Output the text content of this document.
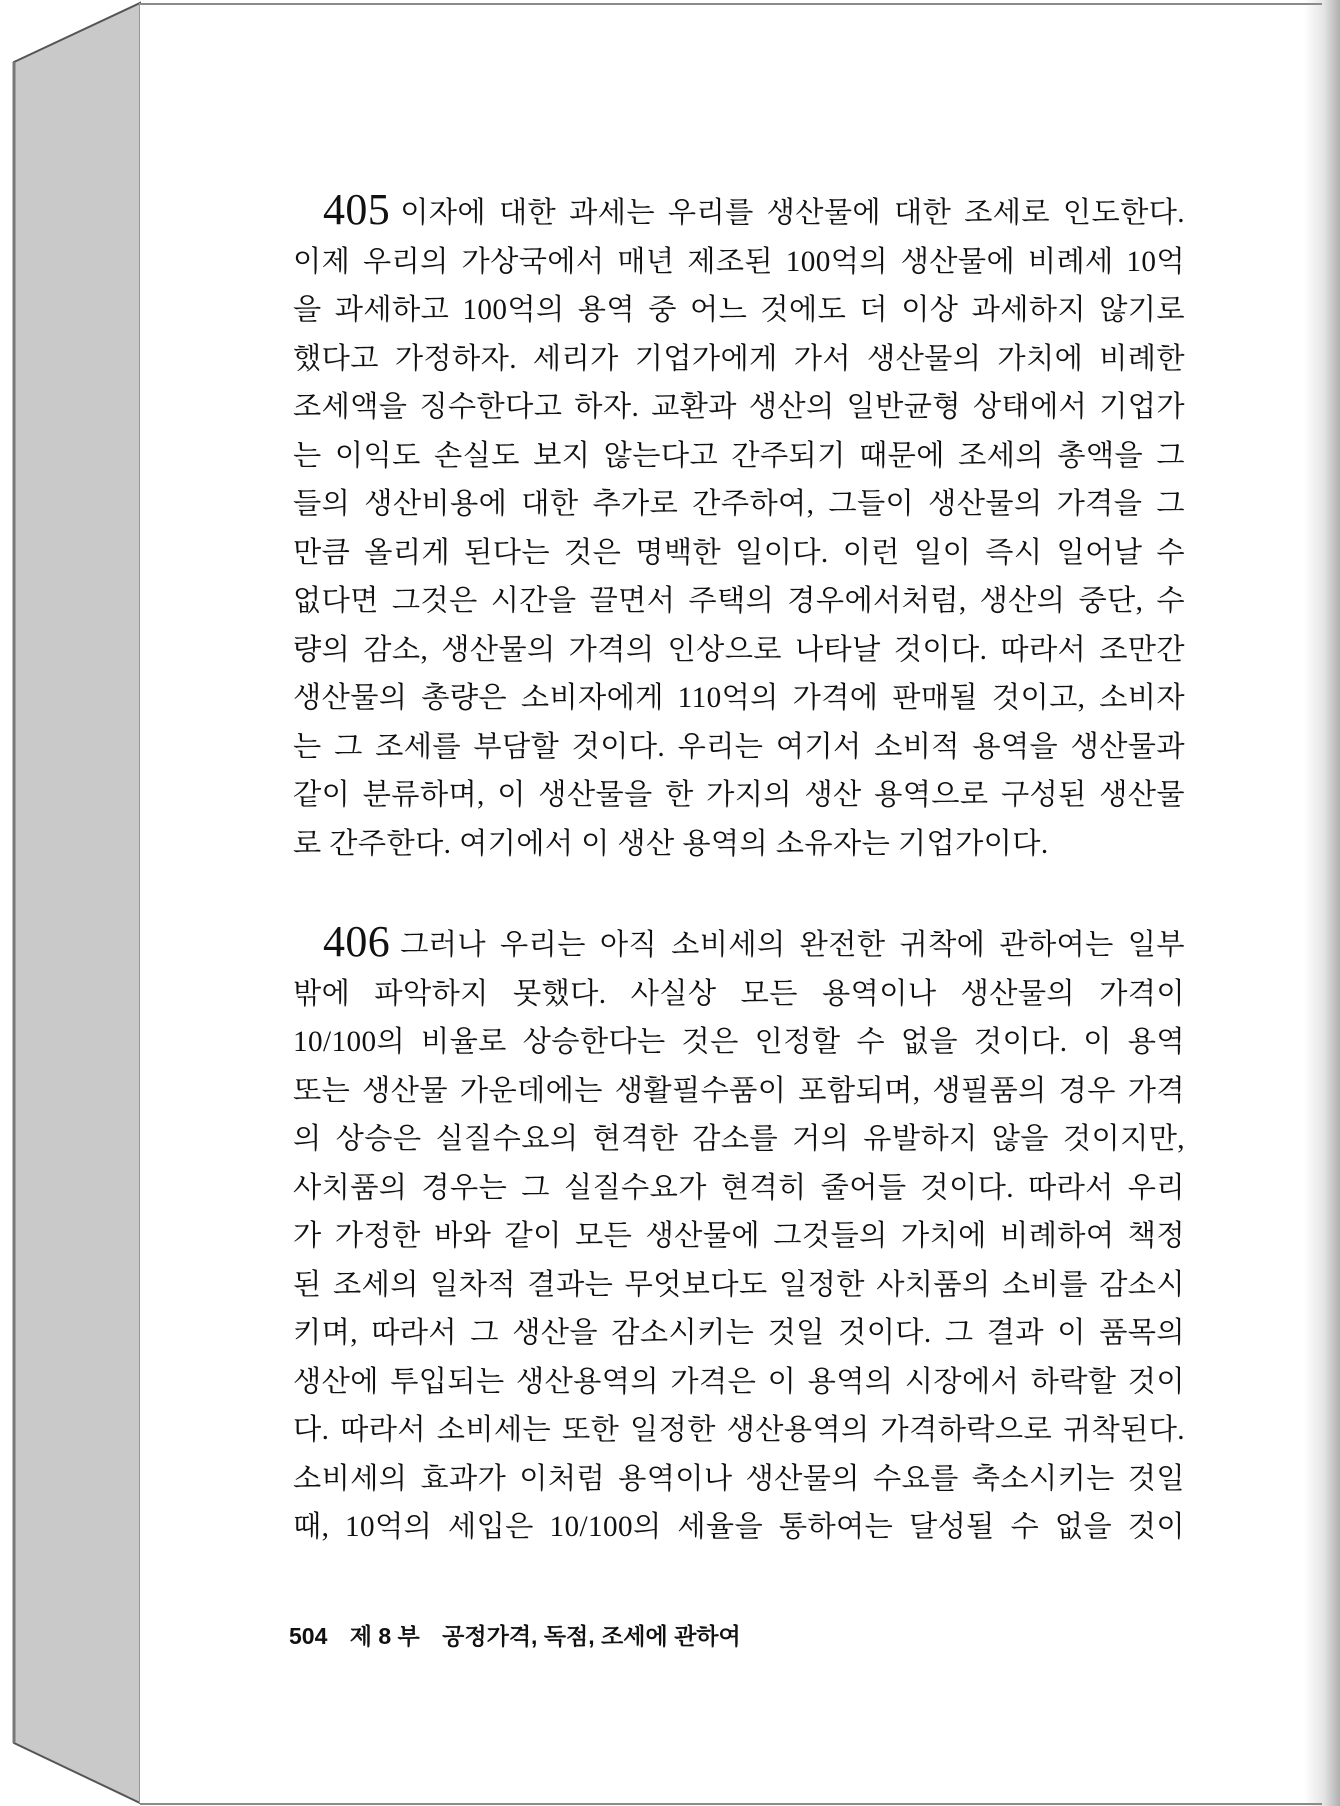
405 이자에 대한 과세는 우리를 생산물에 대한 조세로 인도한다.
이제 우리의 가상국에서 매년 제조된 100억의 생산물에 비례세 10억
을 과세하고 100억의 용역 중 어느 것에도 더 이상 과세하지 않기로
했다고 가정하자. 세리가 기업가에게 가서 생산물의 가치에 비례한
조세액을 징수한다고 하자. 교환과 생산의 일반균형 상태에서 기업가
는 이익도 손실도 보지 않는다고 간주되기 때문에 조세의 총액을 그
들의 생산비용에 대한 추가로 간주하여, 그들이 생산물의 가격을 그
만큼 올리게 된다는 것은 명백한 일이다. 이런 일이 즉시 일어날 수
없다면 그것은 시간을 끌면서 주택의 경우에서처럼, 생산의 중단, 수
량의 감소, 생산물의 가격의 인상으로 나타날 것이다. 따라서 조만간
생산물의 총량은 소비자에게 110억의 가격에 판매될 것이고, 소비자
는 그 조세를 부담할 것이다. 우리는 여기서 소비적 용역을 생산물과
같이 분류하며, 이 생산물을 한 가지의 생산 용역으로 구성된 생산물
로 간주한다. 여기에서 이 생산 용역의 소유자는 기업가이다.
406 그러나 우리는 아직 소비세의 완전한 귀착에 관하여는 일부
밖에 파악하지 못했다. 사실상 모든 용역이나 생산물의 가격이
10/100의 비율로 상승한다는 것은 인정할 수 없을 것이다. 이 용역
또는 생산물 가운데에는 생활필수품이 포함되며, 생필품의 경우 가격
의 상승은 실질수요의 현격한 감소를 거의 유발하지 않을 것이지만,
사치품의 경우는 그 실질수요가 현격히 줄어들 것이다. 따라서 우리
가 가정한 바와 같이 모든 생산물에 그것들의 가치에 비례하여 책정
된 조세의 일차적 결과는 무엇보다도 일정한 사치품의 소비를 감소시
키며, 따라서 그 생산을 감소시키는 것일 것이다. 그 결과 이 품목의
생산에 투입되는 생산용역의 가격은 이 용역의 시장에서 하락할 것이
다. 따라서 소비세는 또한 일정한 생산용역의 가격하락으로 귀착된다.
소비세의 효과가 이처럼 용역이나 생산물의 수요를 축소시키는 것일
때, 10억의 세입은 10/100의 세율을 통하여는 달성될 수 없을 것이
504 제 8 부 공정가격, 독점, 조세에 관하여
